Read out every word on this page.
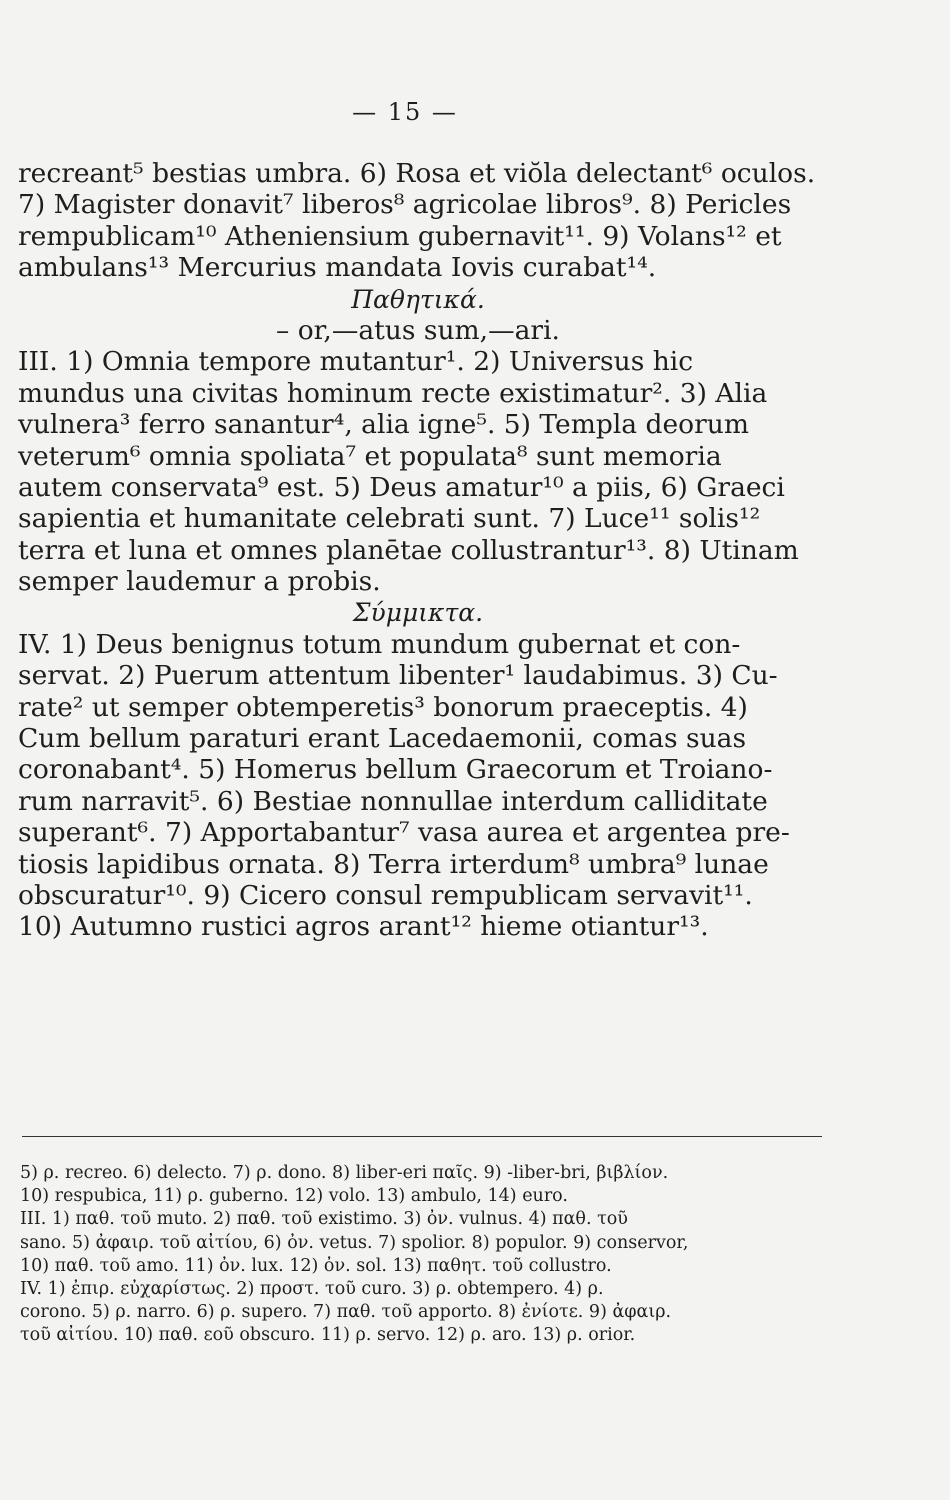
— 15 —
recreant⁵ bestias umbra. 6) Rosa et viŏla delectant⁶ oculos.
7) Magister donavit⁷ liberos⁸ agricolae libros⁹. 8) Pericles
rempublicam¹⁰ Atheniensium gubernavit¹¹. 9) Volans¹² et
ambulans¹³ Mercurius mandata Iovis curabat¹⁴.
Παθητικά.
– or,—atus sum,—ari.
III. 1) Omnia tempore mutantur¹. 2) Universus hic
mundus una civitas hominum recte existimatur². 3) Alia
vulnera³ ferro sanantur⁴, alia igne⁵. 5) Templa deorum
veterum⁶ omnia spoliata⁷ et populata⁸ sunt memoria
autem conservata⁹ est. 5) Deus amatur¹⁰ a piis, 6) Graeci
sapientia et humanitate celebrati sunt. 7) Luce¹¹ solis¹²
terra et luna et omnes planētae collustrantur¹³. 8) Utinam
semper laudemur a probis.
Σύμμικτα.
IV. 1) Deus benignus totum mundum gubernat et con-
servat. 2) Puerum attentum libenter¹ laudabimus. 3) Cu-
rate² ut semper obtemperetis³ bonorum praeceptis. 4)
Cum bellum paraturi erant Lacedaemonii, comas suas
coronabant⁴. 5) Homerus bellum Graecorum et Troiano-
rum narravit⁵. 6) Bestiae nonnullae interdum calliditate
superant⁶. 7) Apportabantur⁷ vasa aurea et argentea pre-
tiosis lapidibus ornata. 8) Terra irterdum⁸ umbra⁹ lunae
obscuratur¹⁰. 9) Cicero consul rempublicam servavit¹¹.
10) Autumno rustici agros arant¹² hieme otiantur¹³.
5) ρ. recreo. 6) delecto. 7) ρ. dono. 8) liber-eri παῖς. 9) -liber-bri, βιβλίον.
10) respubica, 11) ρ. guberno. 12) volo. 13) ambulo, 14) euro.
III. 1) παθ. τοῦ muto. 2) παθ. τοῦ existimo. 3) ὀν. vulnus. 4) παθ. τοῦ
sano. 5) ἀφαιρ. τοῦ αἰτίου, 6) ὀν. vetus. 7) spolior. 8) populor. 9) conservor,
10) παθ. τοῦ amo. 11) ὀν. lux. 12) ὀν. sol. 13) παθητ. τοῦ collustro.
IV. 1) ἐπιρ. εὐχαρίστως. 2) προστ. τοῦ curo. 3) ρ. obtempero. 4) ρ.
corono. 5) ρ. narro. 6) ρ. supero. 7) παθ. τοῦ apporto. 8) ἐνίοτε. 9) ἀφαιρ.
τοῦ αἰτίου. 10) παθ. εοῦ obscuro. 11) ρ. servo. 12) ρ. aro. 13) ρ. orior.
